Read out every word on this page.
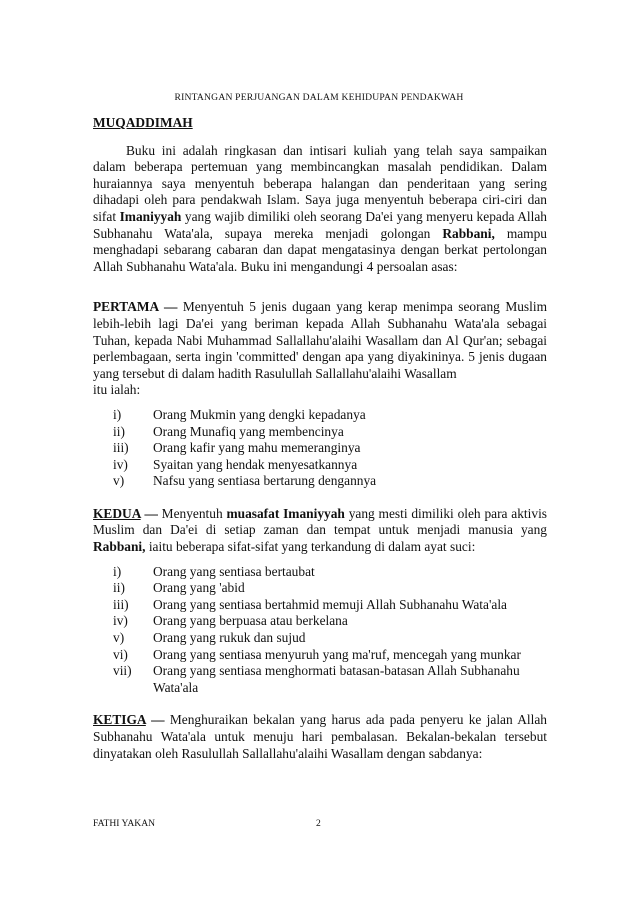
RINTANGAN PERJUANGAN DALAM KEHIDUPAN PENDAKWAH
MUQADDIMAH

Buku ini adalah ringkasan dan intisari kuliah yang telah saya sampaikan dalam beberapa pertemuan yang membincangkan masalah pendidikan. Dalam huraiannya saya menyentuh beberapa halangan dan penderitaan yang sering dihadapi oleh para pendakwah Islam. Saya juga menyentuh beberapa ciri-ciri dan sifat Imaniyyah yang wajib dimiliki oleh seorang Da'ei yang menyeru kepada Allah Subhanahu Wata'ala, supaya mereka menjadi golongan Rabbani, mampu menghadapi sebarang cabaran dan dapat mengatasinya dengan berkat pertolongan Allah Subhanahu Wata'ala. Buku ini mengandungi 4 persoalan asas:

PERTAMA — Menyentuh 5 jenis dugaan yang kerap menimpa seorang Muslim lebih-lebih lagi Da'ei yang beriman kepada Allah Subhanahu Wata'ala sebagai Tuhan, kepada Nabi Muhammad Sallallahu'alaihi Wasallam dan Al Qur'an; sebagai perlembagaan, serta ingin 'committed' dengan apa yang diyakininya. 5 jenis dugaan yang tersebut di dalam hadith Rasulullah Sallallahu'alaihi Wasallam

itu ialah:

i)	Orang Mukmin yang dengki kepadanya
ii)	Orang Munafiq yang membencinya
iii)	Orang kafir yang mahu memeranginya
iv)	Syaitan yang hendak menyesatkannya
v)	Nafsu yang sentiasa bertarung dengannya

KEDUA — Menyentuh muasafat Imaniyyah yang mesti dimiliki oleh para aktivis Muslim dan Da'ei di setiap zaman dan tempat untuk menjadi manusia yang Rabbani, iaitu beberapa sifat-sifat yang terkandung di dalam ayat suci:

i)	Orang yang sentiasa bertaubat
ii)	Orang yang 'abid
iii)	Orang yang sentiasa bertahmid memuji Allah Subhanahu Wata'ala
iv)	Orang yang berpuasa atau berkelana
v)	Orang yang rukuk dan sujud
vi)	Orang yang sentiasa menyuruh yang ma'ruf, mencegah yang munkar
vii)	Orang yang sentiasa menghormati batasan-batasan Allah Subhanahu Wata'ala

KETIGA — Menghuraikan bekalan yang harus ada pada penyeru ke jalan Allah Subhanahu Wata'ala untuk menuju hari pembalasan. Bekalan-bekalan tersebut dinyatakan oleh Rasulullah Sallallahu'alaihi Wasallam dengan sabdanya:

FATHI YAKAN	2
